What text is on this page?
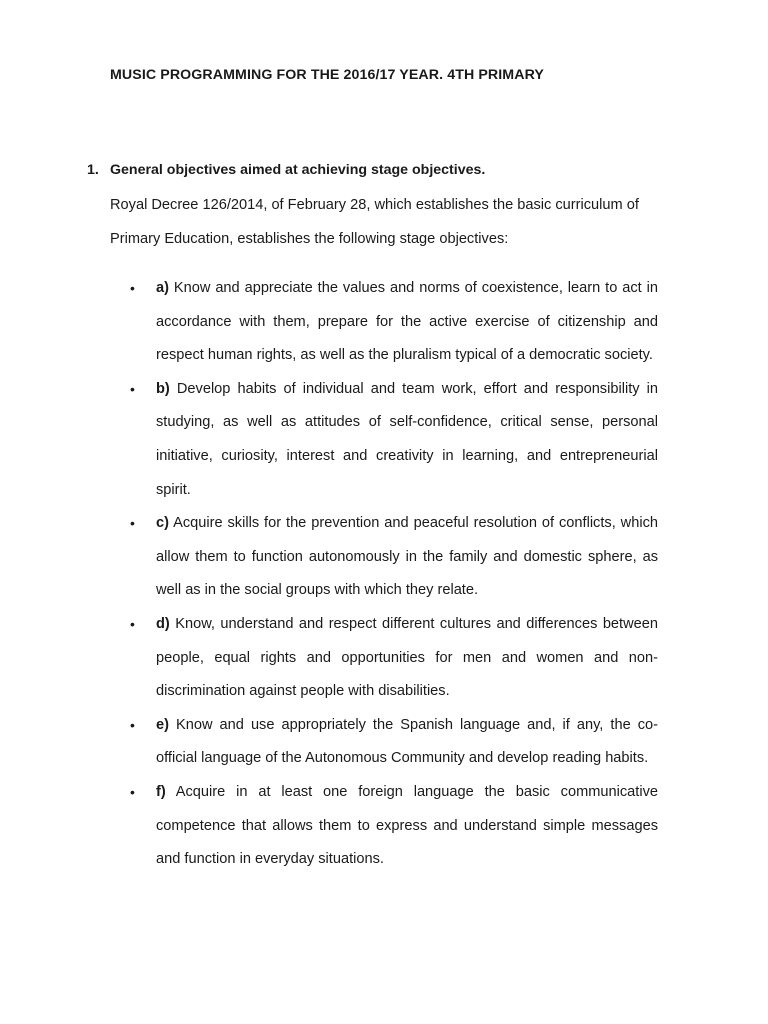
MUSIC PROGRAMMING FOR THE 2016/17 YEAR. 4TH PRIMARY
1. General objectives aimed at achieving stage objectives.

Royal Decree 126/2014, of February 28, which establishes the basic curriculum of Primary Education, establishes the following stage objectives:

• a) Know and appreciate the values and norms of coexistence, learn to act in accordance with them, prepare for the active exercise of citizenship and respect human rights, as well as the pluralism typical of a democratic society.
• b) Develop habits of individual and team work, effort and responsibility in studying, as well as attitudes of self-confidence, critical sense, personal initiative, curiosity, interest and creativity in learning, and entrepreneurial spirit.
• c) Acquire skills for the prevention and peaceful resolution of conflicts, which allow them to function autonomously in the family and domestic sphere, as well as in the social groups with which they relate.
• d) Know, understand and respect different cultures and differences between people, equal rights and opportunities for men and women and non-discrimination against people with disabilities.
• e) Know and use appropriately the Spanish language and, if any, the co-official language of the Autonomous Community and develop reading habits.
• f) Acquire in at least one foreign language the basic communicative competence that allows them to express and understand simple messages and function in everyday situations.
